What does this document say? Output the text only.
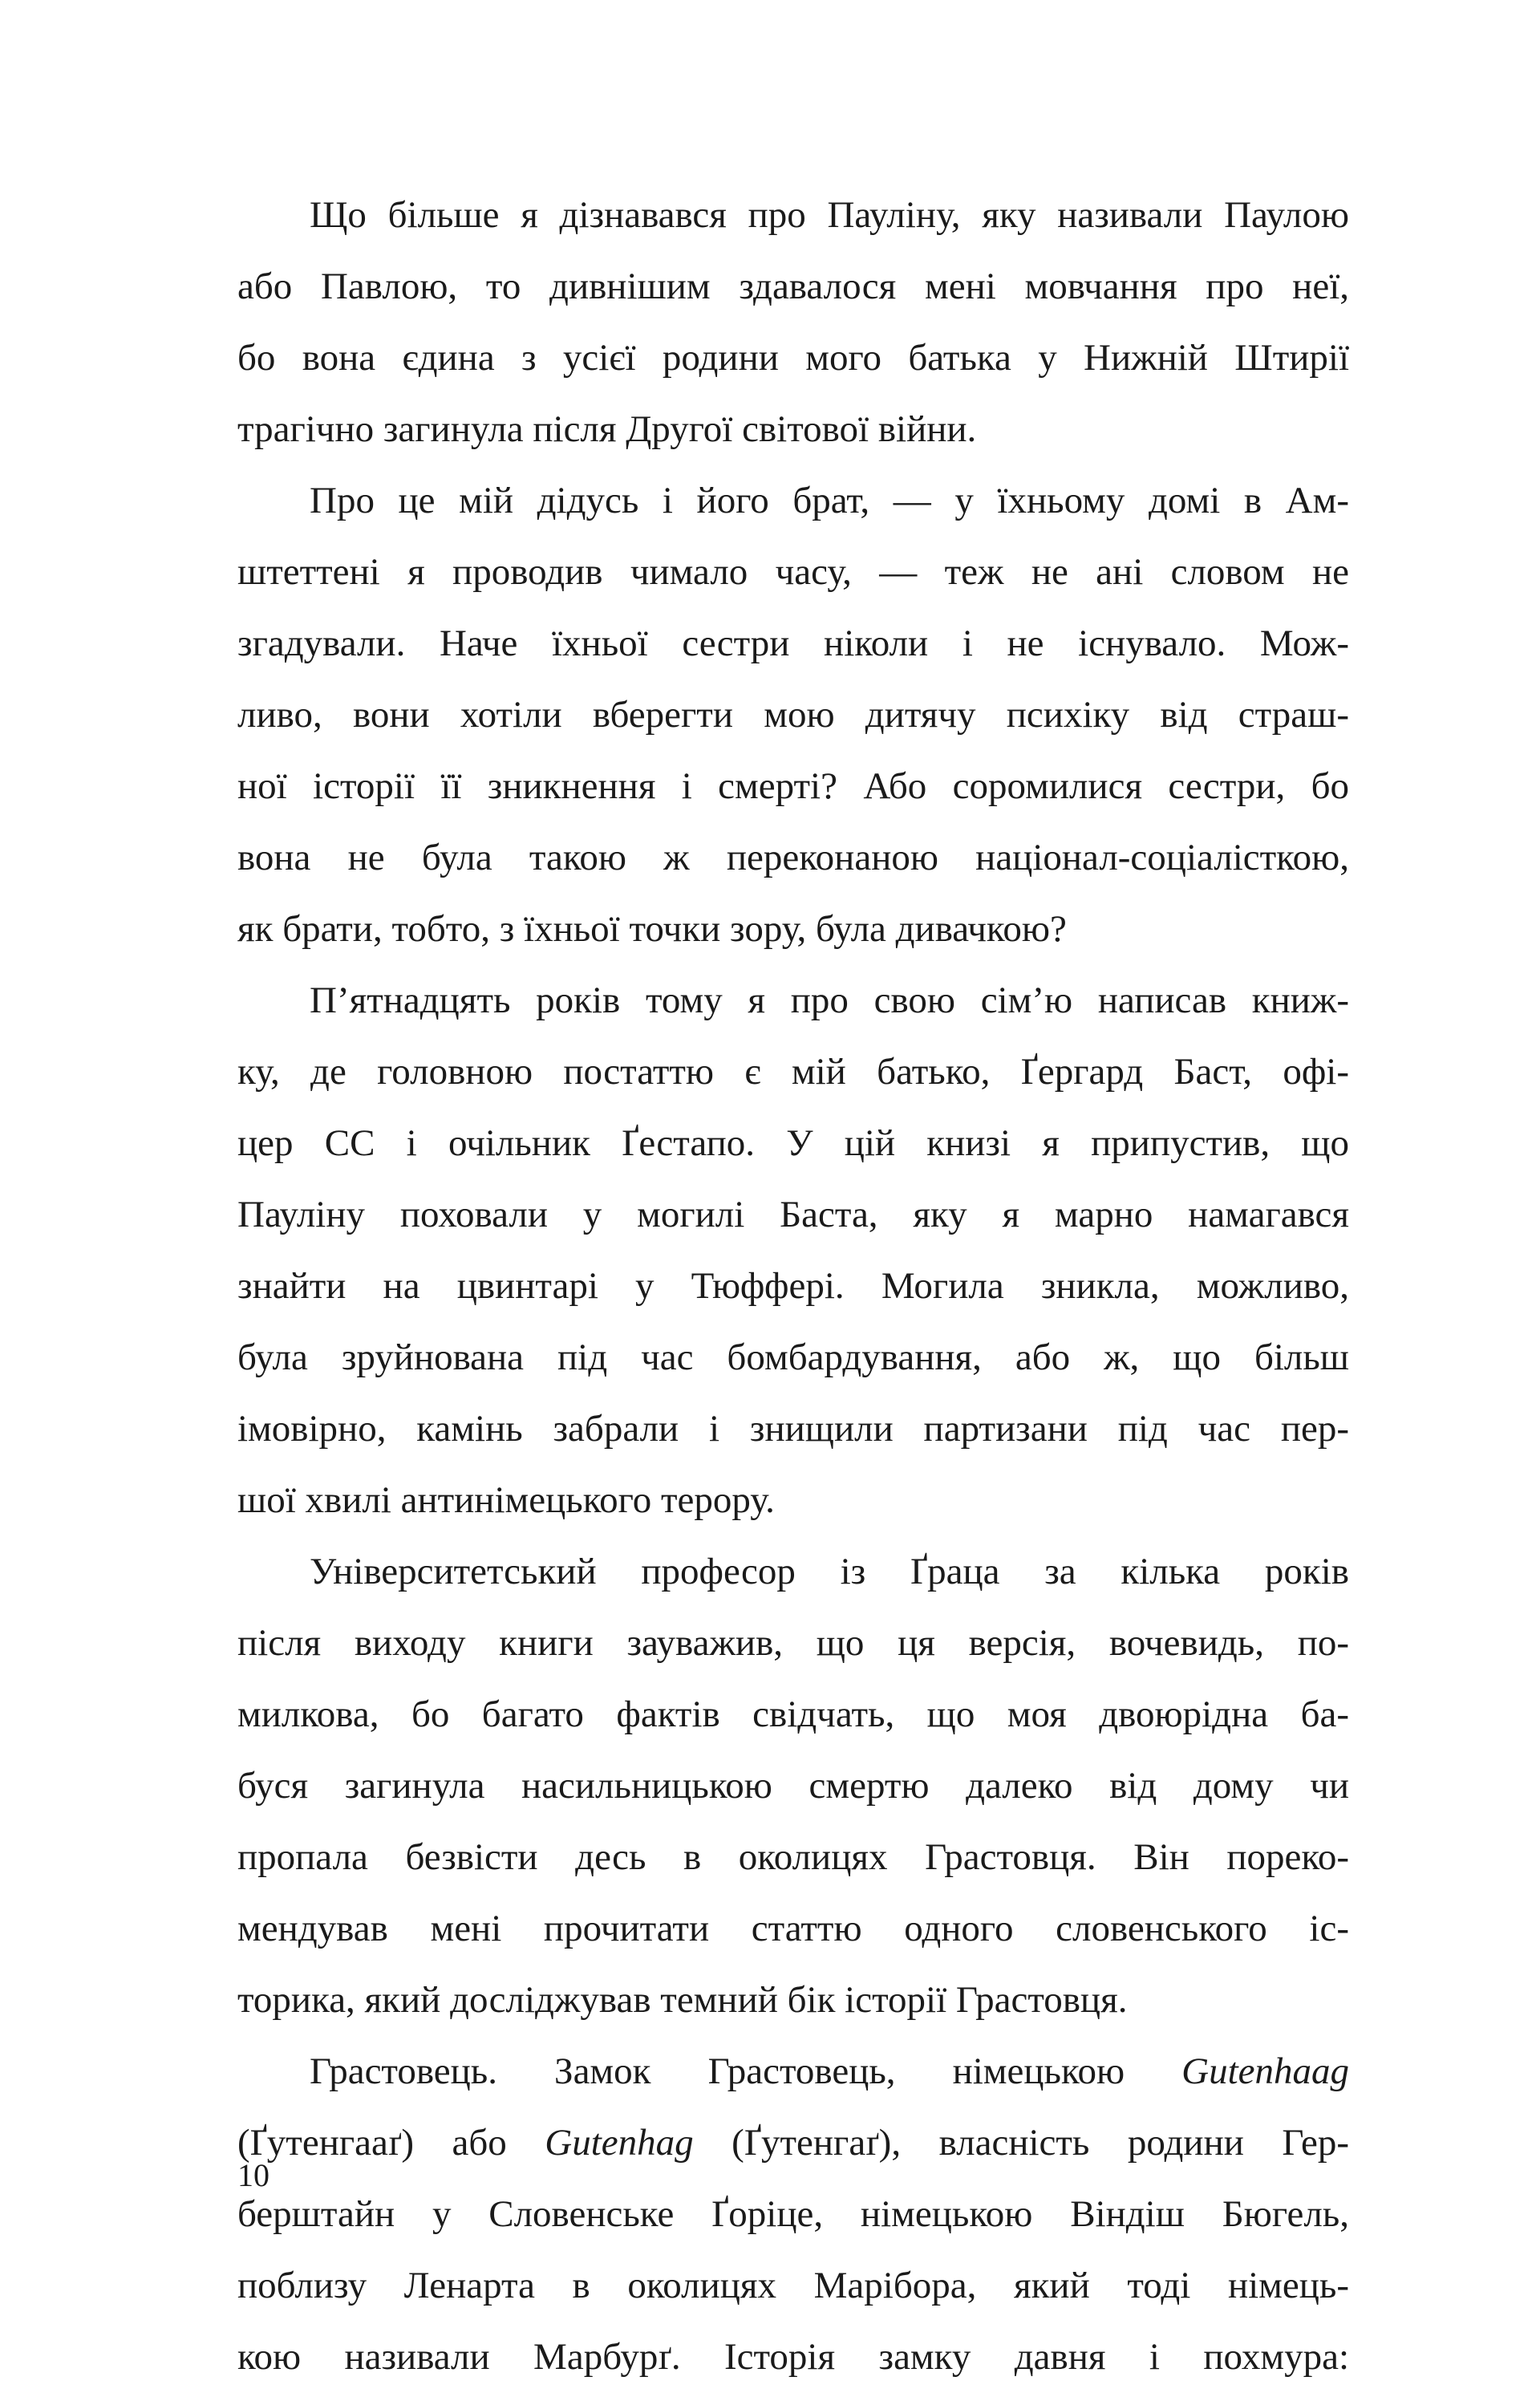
Що більше я дізнавався про Пауліну, яку називали Паулою
або Павлою, то дивнішим здавалося мені мовчання про неї,
бо вона єдина з усієї родини мого батька у Нижній Штирії
трагічно загинула після Другої світової війни.
Про це мій дідусь і його брат, — у їхньому домі в Ам-
штеттені я проводив чимало часу, — теж не ані словом не
згадували. Наче їхньої сестри ніколи і не існувало. Мож-
ливо, вони хотіли вберегти мою дитячу психіку від страш-
ної історії її зникнення і смерті? Або соромилися сестри, бо
вона не була такою ж переконаною націонал-соціалісткою,
як брати, тобто, з їхньої точки зору, була дивачкою?
П’ятнадцять років тому я про свою сім’ю написав книж-
ку, де головною постаттю є мій батько, Ґергард Баст, офі-
цер СС і очільник Ґестапо. У цій книзі я припустив, що
Пауліну поховали у могилі Баста, яку я марно намагався
знайти на цвинтарі у Тюффері. Могила зникла, можливо,
була зруйнована під час бомбардування, або ж, що більш
імовірно, камінь забрали і знищили партизани під час пер-
шої хвилі антинімецького терору.
Університетський професор із Ґраца за кілька років
після виходу книги зауважив, що ця версія, вочевидь, по-
милкова, бо багато фактів свідчать, що моя двоюрідна ба-
буся загинула насильницькою смертю далеко від дому чи
пропала безвісти десь в околицях Грастовця. Він пореко-
мендував мені прочитати статтю одного словенського іс-
торика, який досліджував темний бік історії Грастовця.
Грастовець. Замок Грастовець, німецькою Gutenhaag
(Ґутенгааґ) або Gutenhag (Ґутенгаґ), власність родини Гер-
берштайн у Словенське Ґоріце, німецькою Віндіш Бюгель,
поблизу Ленарта в околицях Марібора, який тоді німець-
кою називали Марбурґ. Історія замку давня і похмура:
10
